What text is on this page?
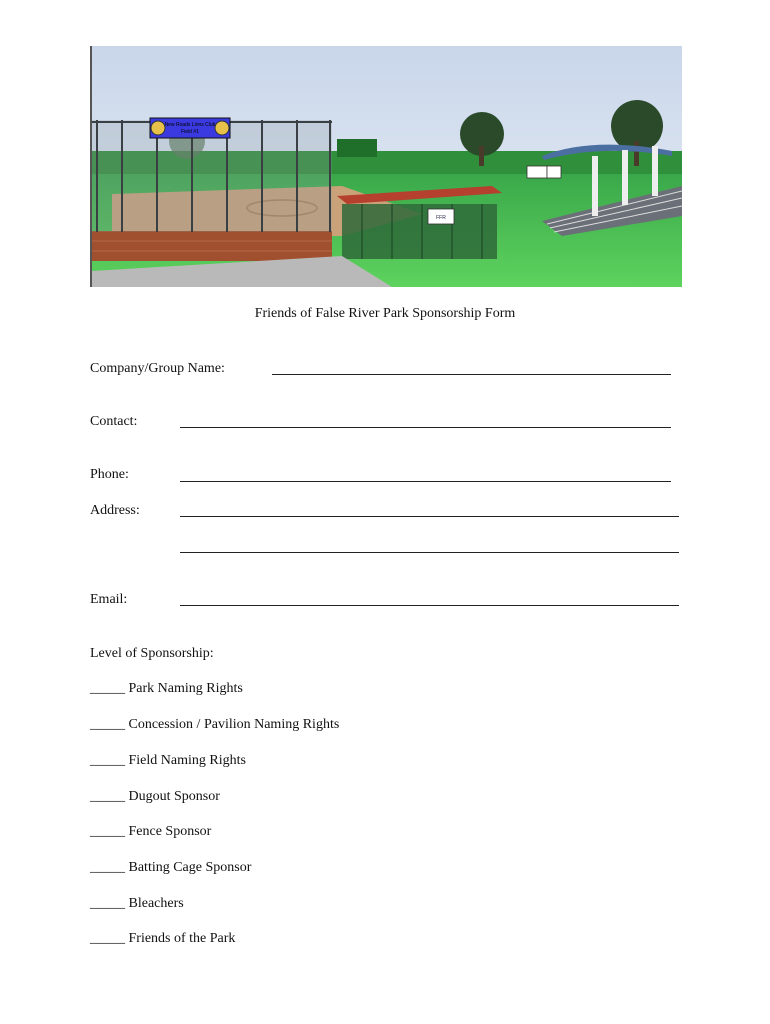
New Roads Lions Club
Field #1
FFR
Friends of False River Park Sponsorship Form
Company/Group Name:
Contact:
Phone:
Address:
Email:
Level of Sponsorship:
_____ Park Naming Rights
_____ Concession / Pavilion Naming Rights
_____ Field Naming Rights
_____ Dugout Sponsor
_____ Fence Sponsor
_____ Batting Cage Sponsor
_____ Bleachers
_____ Friends of the Park
